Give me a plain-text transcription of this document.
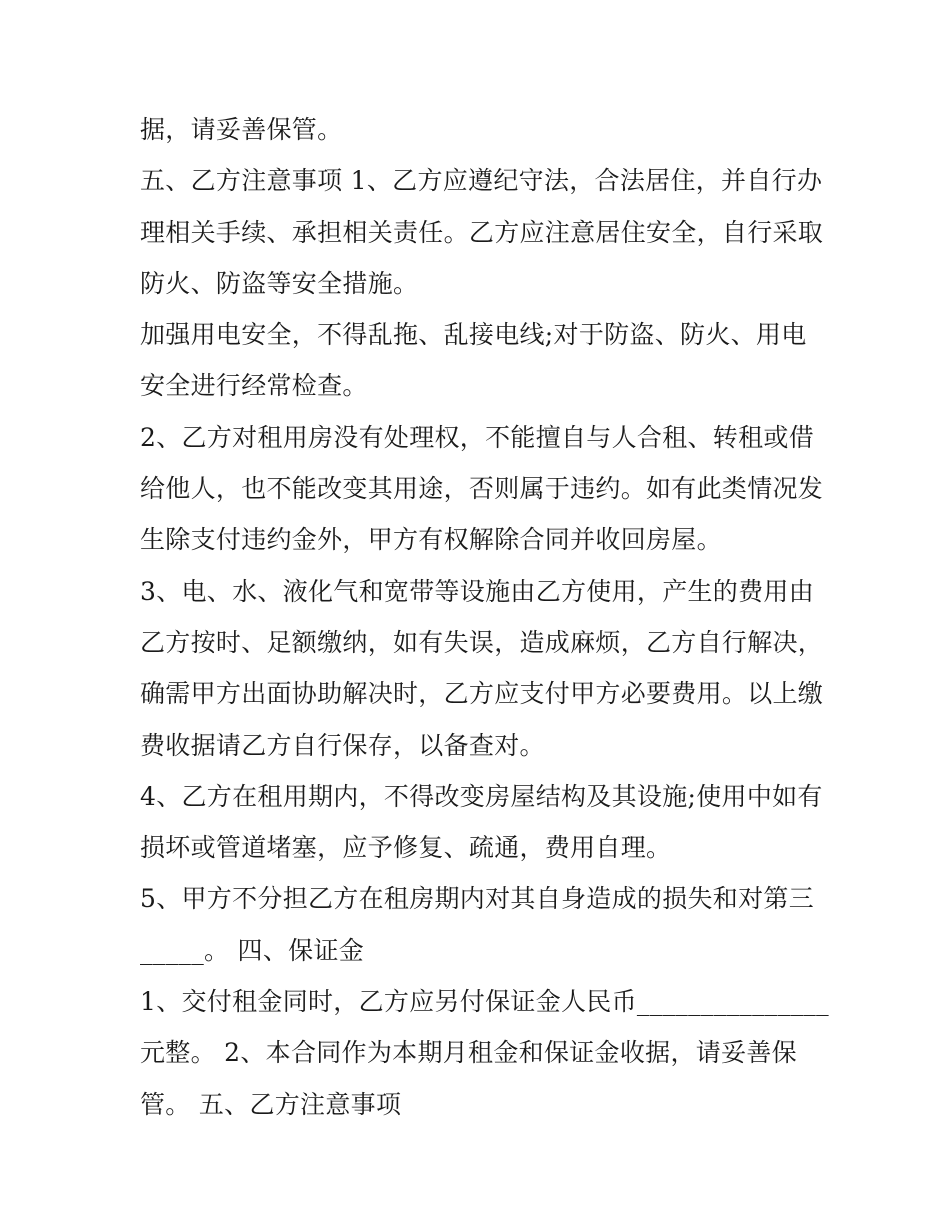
据，请妥善保管。
五、乙方注意事项 1、乙方应遵纪守法，合法居住，并自行办
理相关手续、承担相关责任。乙方应注意居住安全，自行采取
防火、防盗等安全措施。
加强用电安全，不得乱拖、乱接电线;对于防盗、防火、用电
安全进行经常检查。
2、乙方对租用房没有处理权，不能擅自与人合租、转租或借
给他人，也不能改变其用途，否则属于违约。如有此类情况发
生除支付违约金外，甲方有权解除合同并收回房屋。
3、电、水、液化气和宽带等设施由乙方使用，产生的费用由
乙方按时、足额缴纳，如有失误，造成麻烦，乙方自行解决，
确需甲方出面协助解决时，乙方应支付甲方必要费用。以上缴
费收据请乙方自行保存，以备查对。
4、乙方在租用期内，不得改变房屋结构及其设施;使用中如有
损坏或管道堵塞，应予修复、疏通，费用自理。
5、甲方不分担乙方在租房期内对其自身造成的损失和对第三
_____。 四、保证金
1、交付租金同时，乙方应另付保证金人民币_______________
元整。 2、本合同作为本期月租金和保证金收据，请妥善保
管。 五、乙方注意事项
